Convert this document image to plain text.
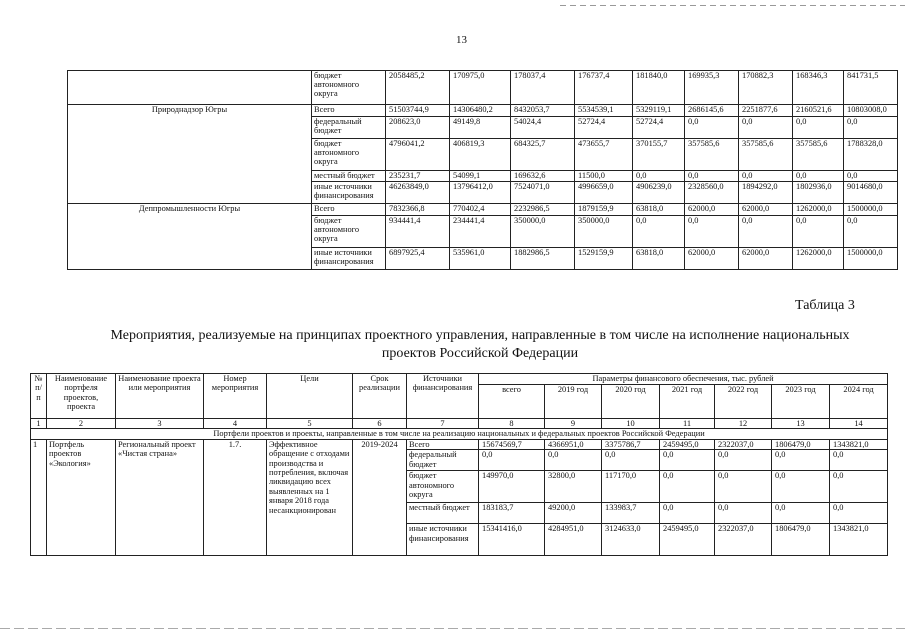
13
	бюджет автономного округа	2058485,2	170975,0	178037,4	176737,4	181840,0	169935,3	170882,3	168346,3	841731,5
Природнадзор Югры	Всего	51503744,9	14306480,2	8432053,7	5534539,1	5329119,1	2686145,6	2251877,6	2160521,6	10803008,0
	федеральный бюджет	208623,0	49149,8	54024,4	52724,4	52724,4	0,0	0,0	0,0	0,0
	бюджет автономного округа	4796041,2	406819,3	684325,7	473655,7	370155,7	357585,6	357585,6	357585,6	1788328,0
	местный бюджет	235231,7	54099,1	169632,6	11500,0	0,0	0,0	0,0	0,0	0,0
	иные источники финансирования	46263849,0	13796412,0	7524071,0	4996659,0	4906239,0	2328560,0	1894292,0	1802936,0	9014680,0
Деппромышленности Югры	Всего	7832366,8	770402,4	2232986,5	1879159,9	63818,0	62000,0	62000,0	1262000,0	1500000,0
	бюджет автономного округа	934441,4	234441,4	350000,0	350000,0	0,0	0,0	0,0	0,0	0,0
	иные источники финансирования	6897925,4	535961,0	1882986,5	1529159,9	63818,0	62000,0	62000,0	1262000,0	1500000,0
Таблица 3
Мероприятия, реализуемые на принципах проектного управления, направленные в том числе на исполнение национальных проектов Российской Федерации
№ п/п	Наименование портфеля проектов, проекта	Наименование проекта или мероприятия	Номер мероприятия	Цели	Срок реализации	Источники финансирования	Параметры финансового обеспечения, тыс. рублей						
							всего	2019 год	2020 год	2021 год	2022 год	2023 год	2024 год
1	2	3	4	5	6	7	8	9	10	11	12	13	14
Портфели проектов и проекты, направленные в том числе на реализацию национальных и федеральных проектов Российской Федерации													
1	Портфель проектов «Экология»	Региональный проект «Чистая страна»	1.7.	Эффективное обращение с отходами производства и потребления, включая ликвидацию всех выявленных на 1 января 2018 года несанкционирован	2019-2024	Всего	15674569,7	4366951,0	3375786,7	2459495,0	2322037,0	1806479,0	1343821,0
						федеральный бюджет	0,0	0,0	0,0	0,0	0,0	0,0	0,0
						бюджет автономного округа	149970,0	32800,0	117170,0	0,0	0,0	0,0	0,0
						местный бюджет	183183,7	49200,0	133983,7	0,0	0,0	0,0	0,0
						иные источники финансирования	15341416,0	4284951,0	3124633,0	2459495,0	2322037,0	1806479,0	1343821,0
